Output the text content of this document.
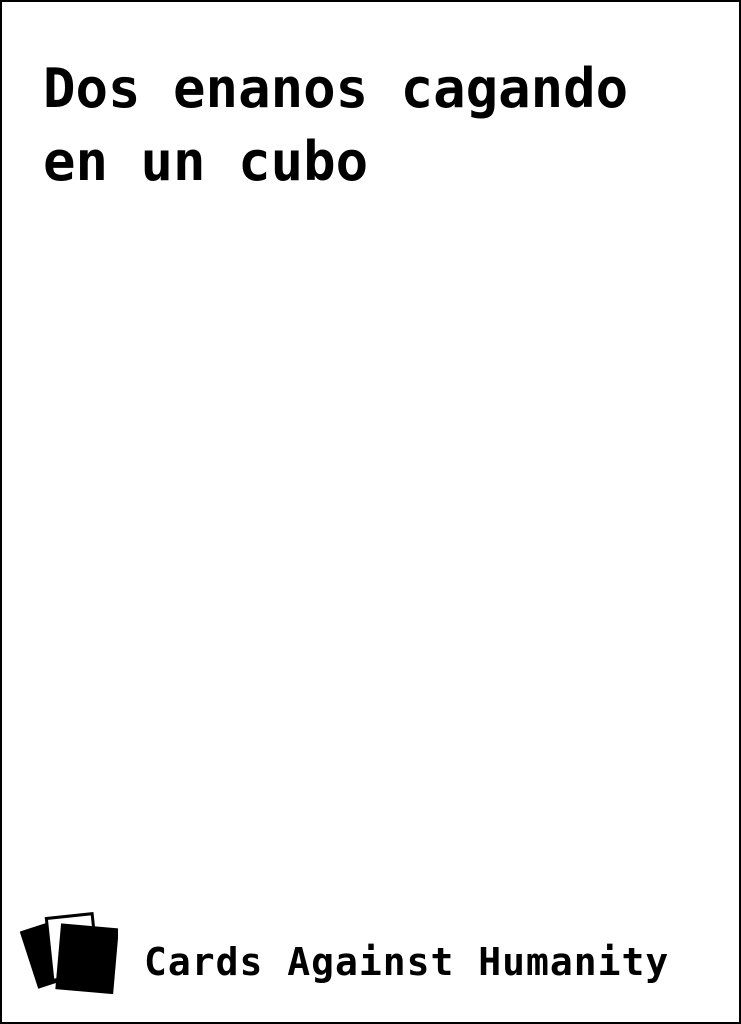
Dos enanos cagando en un cubo

Cards Against Humanity
